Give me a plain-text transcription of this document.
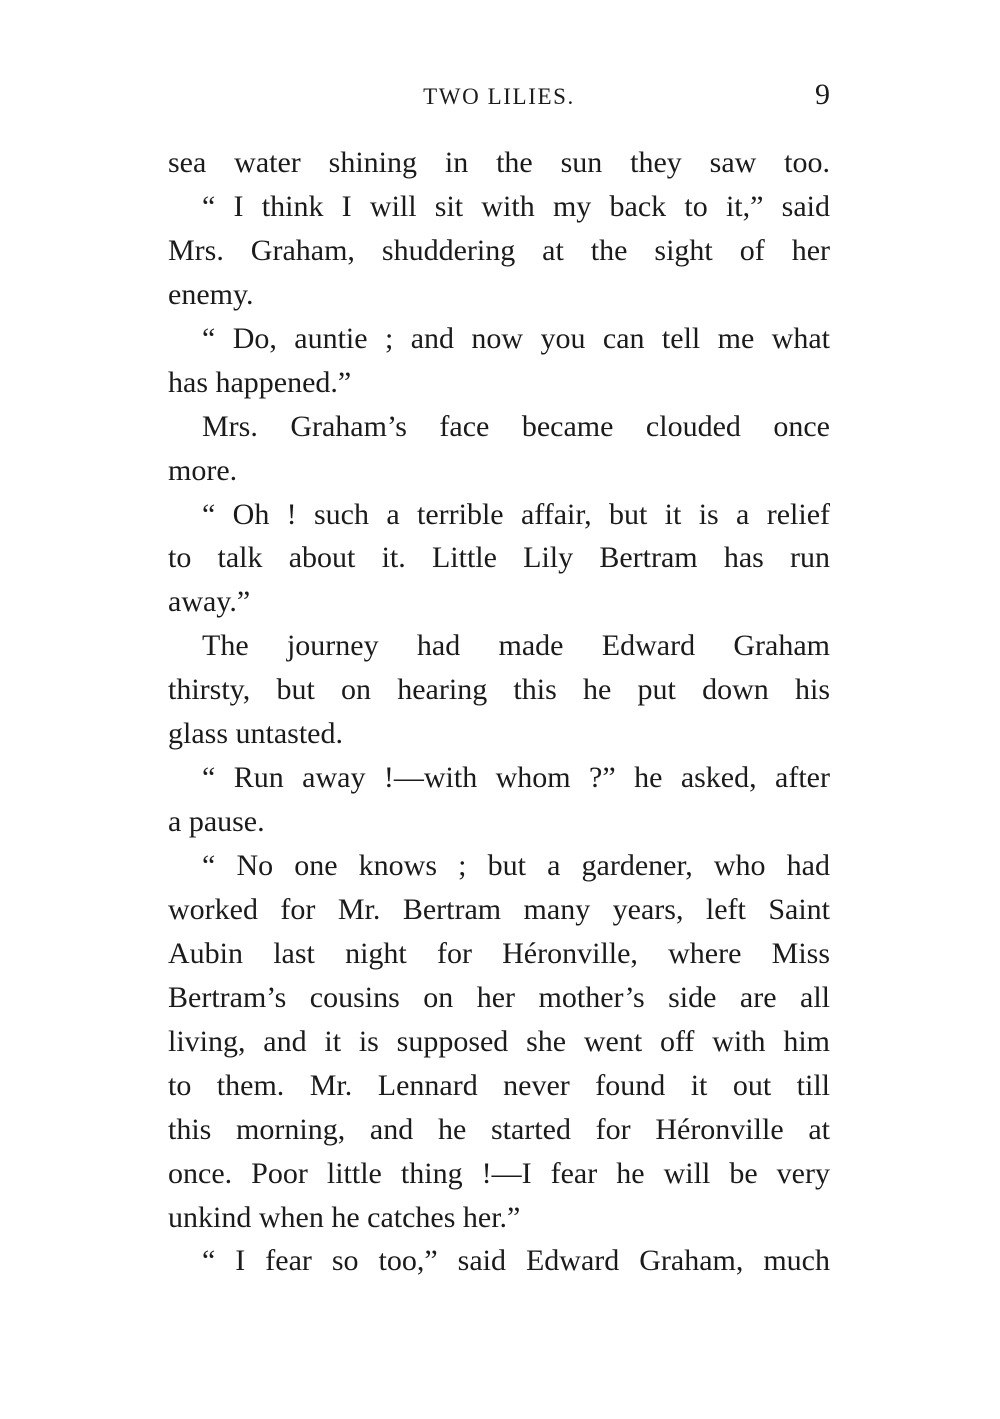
TWO LILIES.	9
sea water shining in the sun they saw too.
“ I think I will sit with my back to it,” said
Mrs. Graham, shuddering at the sight of her
enemy.
“ Do, auntie ; and now you can tell me what
has happened.”
Mrs. Graham’s face became clouded once
more.
“ Oh ! such a terrible affair, but it is a relief
to talk about it. Little Lily Bertram has run
away.”
The journey had made Edward Graham
thirsty, but on hearing this he put down his
glass untasted.
“ Run away !—with whom ?” he asked, after
a pause.
“ No one knows ; but a gardener, who had
worked for Mr. Bertram many years, left Saint
Aubin last night for Héronville, where Miss
Bertram’s cousins on her mother’s side are all
living, and it is supposed she went off with him
to them. Mr. Lennard never found it out till
this morning, and he started for Héronville at
once. Poor little thing !—I fear he will be very
unkind when he catches her.”
“ I fear so too,” said Edward Graham, much
